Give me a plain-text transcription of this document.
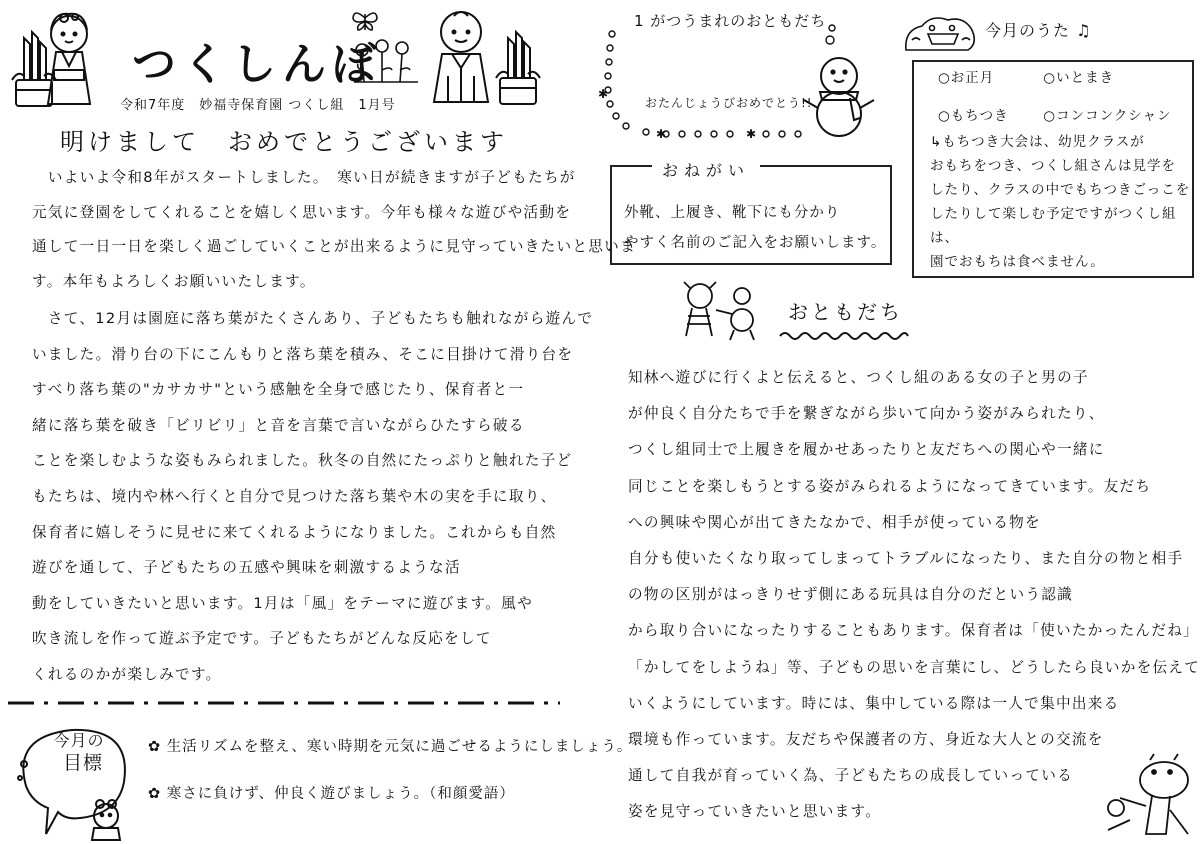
つくしんぼ
令和7年度　妙福寺保育園 つくし組　1月号
明けまして　おめでとうございます

　いよいよ令和8年がスタートしました。　寒い日が続きますが子どもたちが

元気に登園をしてくれることを嬉しく思います。今年も様々な遊びや活動を

通して一日一日を楽しく過ごしていくことが出来るように見守っていきたいと思いま

す。本年もよろしくお願いいたします。

　さて、12月は園庭に落ち葉がたくさんあり、子どもたちも触れながら遊んで

いました。滑り台の下にこんもりと落ち葉を積み、そこに目掛けて滑り台を

すべり落ち葉の"カサカサ"という感触を全身で感じたり、保育者と一

緒に落ち葉を破き「ビリビリ」と音を言葉で言いながらひたすら破る

ことを楽しむような姿もみられました。秋冬の自然にたっぷりと触れた子ど

もたちは、境内や林へ行くと自分で見つけた落ち葉や木の実を手に取り、

保育者に嬉しそうに見せに来てくれるようになりました。これからも自然

遊びを通して、子どもたちの五感や興味を刺激するような活

動をしていきたいと思います。1月は「風」をテーマに遊びます。風や

吹き流しを作って遊ぶ予定です。子どもたちがどんな反応をして

くれるのかが楽しみです。

今月の
目標
✿ 生活リズムを整え、寒い時期を元気に過ごせるようにしましょう。
✿ 寒さに負けず、仲良く遊びましょう。（和顔愛語）
✱
✱	✱
1 がつうまれのおともだち
おたんじょうびおめでとう!!
おねがい
外靴、上履き、靴下にも分かり
やすく名前のご記入をお願いします。
今月のうた ♫
○お正月	○いとまき
○もちつき	○コンコンクシャン
↳もちつき大会は、幼児クラスが
おもちをつき、つくし組さんは見学を
したり、クラスの中でもちつきごっこを
したりして楽しむ予定ですがつくし組は、
園でおもちは食べません。
おともだち

知林へ遊びに行くよと伝えると、つくし組のある女の子と男の子

が仲良く自分たちで手を繋ぎながら歩いて向かう姿がみられたり、

つくし組同士で上履きを履かせあったりと友だちへの関心や一緒に

同じことを楽しもうとする姿がみられるようになってきています。友だち

への興味や関心が出てきたなかで、相手が使っている物を

自分も使いたくなり取ってしまってトラブルになったり、また自分の物と相手

の物の区別がはっきりせず側にある玩具は自分のだという認識

から取り合いになったりすることもあります。保育者は「使いたかったんだね」

「かしてをしようね」等、子どもの思いを言葉にし、どうしたら良いかを伝えて

いくようにしています。時には、集中している際は一人で集中出来る

環境も作っています。友だちや保護者の方、身近な大人との交流を

通して自我が育っていく為、子どもたちの成長していっている

姿を見守っていきたいと思います。
